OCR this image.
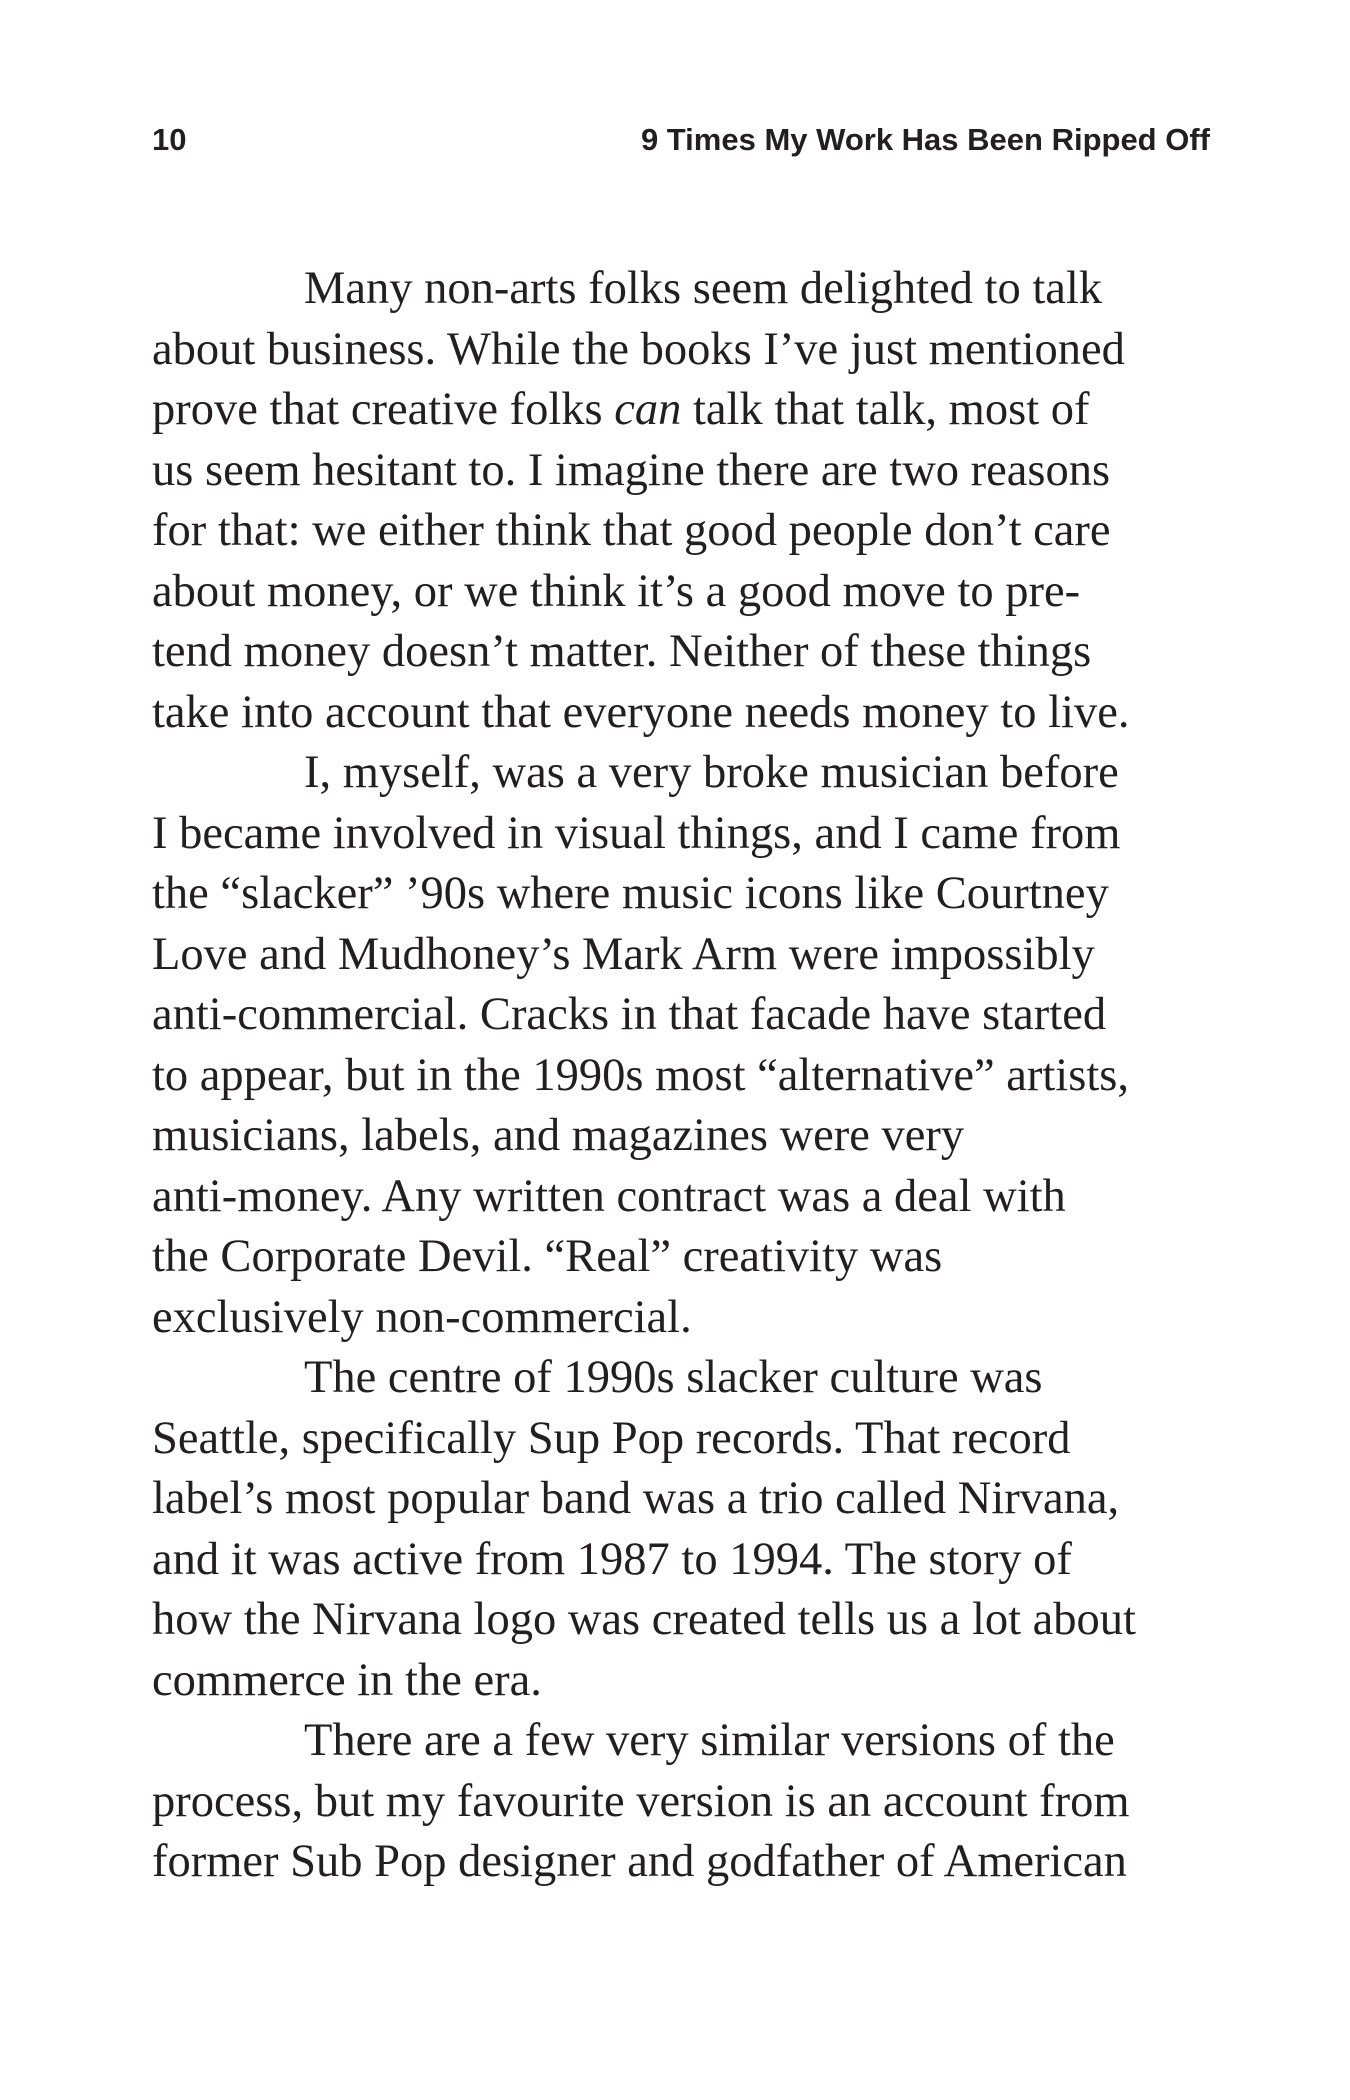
10	9 Times My Work Has Been Ripped Off
Many non-arts folks seem delighted to talk
about business. While the books I’ve just mentioned
prove that creative folks can talk that talk, most of
us seem hesitant to. I imagine there are two reasons
for that: we either think that good people don’t care
about money, or we think it’s a good move to pre-
tend money doesn’t matter. Neither of these things
take into account that everyone needs money to live.
I, myself, was a very broke musician before
I became involved in visual things, and I came from
the “slacker” ’90s where music icons like Courtney
Love and Mudhoney’s Mark Arm were impossibly
anti-commercial. Cracks in that facade have started
to appear, but in the 1990s most “alternative” artists,
musicians, labels, and magazines were very
anti-money. Any written contract was a deal with
the Corporate Devil. “Real” creativity was
exclusively non-commercial.
The centre of 1990s slacker culture was
Seattle, specifically Sup Pop records. That record
label’s most popular band was a trio called Nirvana,
and it was active from 1987 to 1994. The story of
how the Nirvana logo was created tells us a lot about
commerce in the era.
There are a few very similar versions of the
process, but my favourite version is an account from
former Sub Pop designer and godfather of American
